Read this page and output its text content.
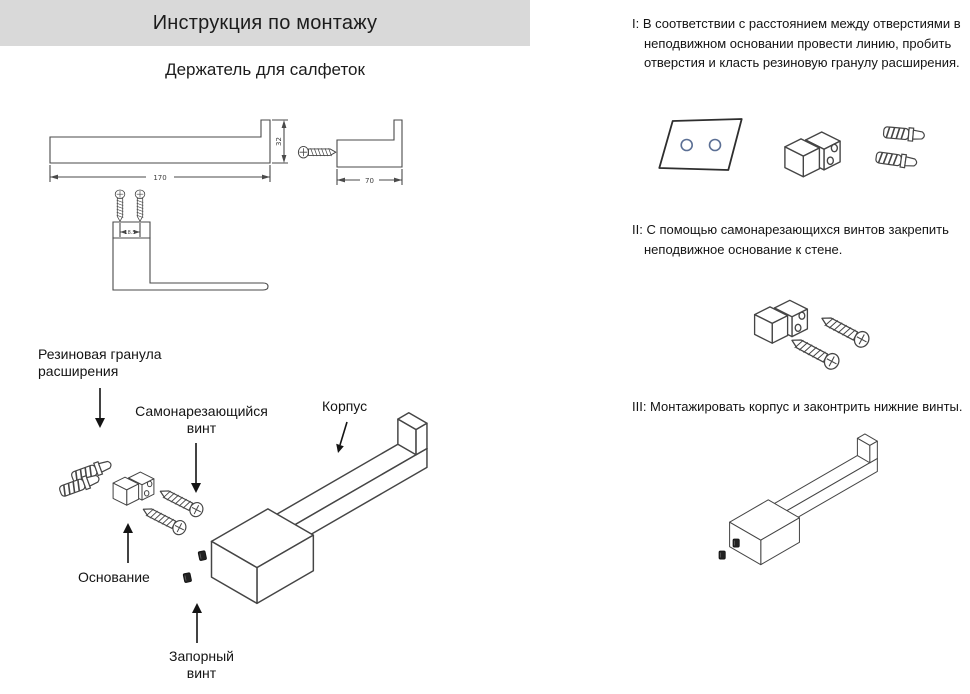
Инструкция по монтажу
Держатель для салфеток
170
32
70
18.5
Резиновая гранула расширения
Самонарезающийся винт
Корпус
Основание
Запорный винт

I: В соответствии с расстоянием между отверстиями в неподвижном основании провести линию, пробить отверстия и класть резиновую гранулу расширения.

II: С помощью самонарезающихся винтов закрепить неподвижное основание к стене.

III: Монтажировать корпус и законтрить нижние винты.
